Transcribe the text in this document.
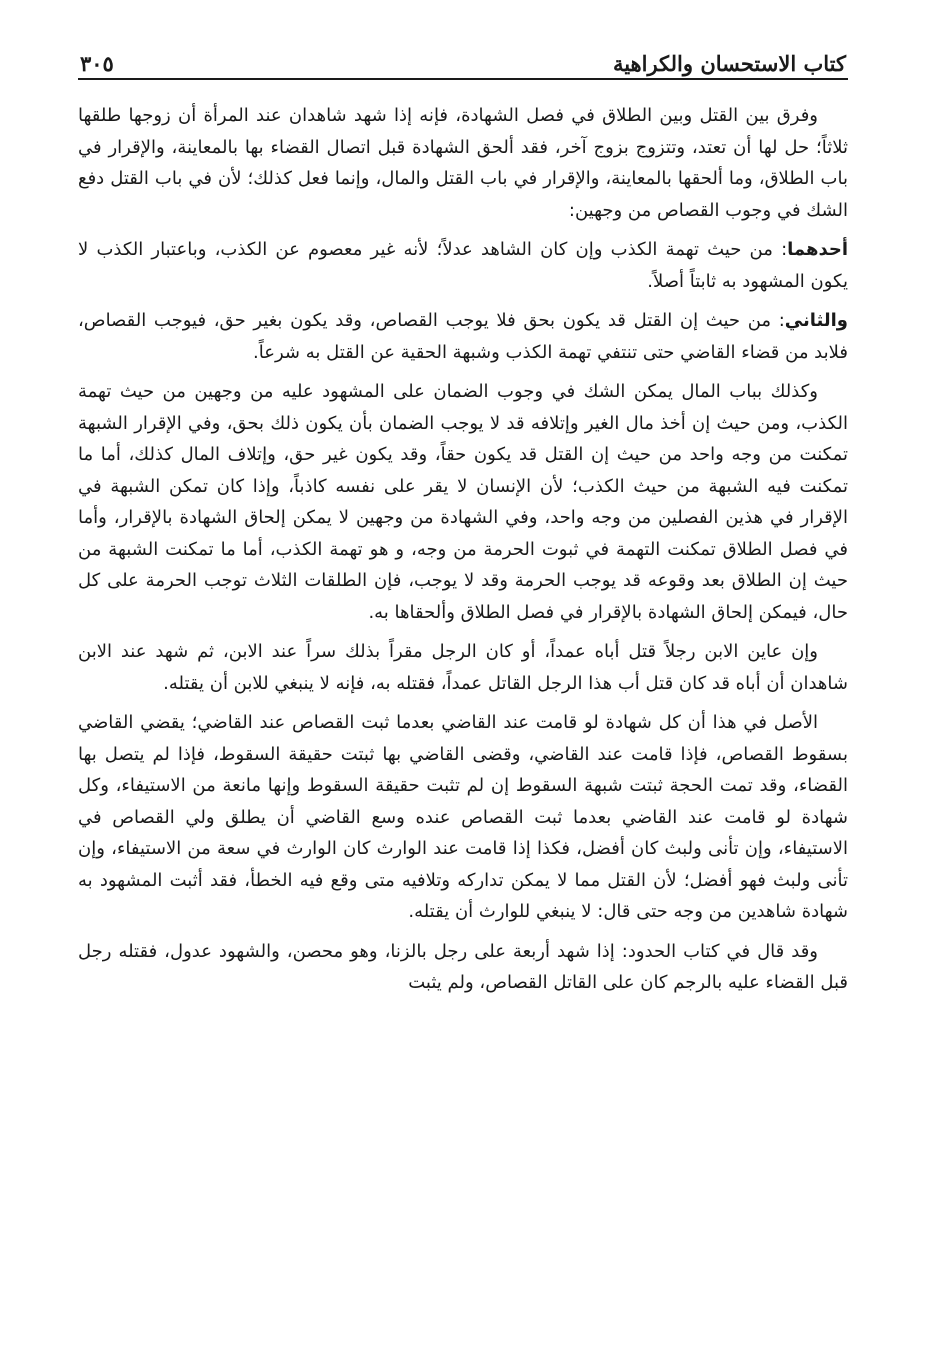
كتاب الاستحسان والكراهية
٣٠٥

وفرق بين القتل وبين الطلاق في فصل الشهادة، فإنه إذا شهد شاهدان عند المرأة أن زوجها طلقها ثلاثاً؛ حل لها أن تعتد، وتتزوج بزوج آخر، فقد ألحق الشهادة قبل اتصال القضاء بها بالمعاينة، والإقرار في باب الطلاق، وما ألحقها بالمعاينة، والإقرار في باب القتل والمال، وإنما فعل كذلك؛ لأن في باب القتل دفع الشك في وجوب القصاص من وجهين:

أحدهما: من حيث تهمة الكذب وإن كان الشاهد عدلاً؛ لأنه غير معصوم عن الكذب، وباعتبار الكذب لا يكون المشهود به ثابتاً أصلاً.

والثاني: من حيث إن القتل قد يكون بحق فلا يوجب القصاص، وقد يكون بغير حق، فيوجب القصاص، فلابد من قضاء القاضي حتى تنتفي تهمة الكذب وشبهة الحقية عن القتل به شرعاً.

وكذلك بباب المال يمكن الشك في وجوب الضمان على المشهود عليه من وجهين من حيث تهمة الكذب، ومن حيث إن أخذ مال الغير وإتلافه قد لا يوجب الضمان بأن يكون ذلك بحق، وفي الإقرار الشبهة تمكنت من وجه واحد من حيث إن القتل قد يكون حقاً، وقد يكون غير حق، وإتلاف المال كذلك، أما ما تمكنت فيه الشبهة من حيث الكذب؛ لأن الإنسان لا يقر على نفسه كاذباً، وإذا كان تمكن الشبهة في الإقرار في هذين الفصلين من وجه واحد، وفي الشهادة من وجهين لا يمكن إلحاق الشهادة بالإقرار، وأما في فصل الطلاق تمكنت التهمة في ثبوت الحرمة من وجه، و هو تهمة الكذب، أما ما تمكنت الشبهة من حيث إن الطلاق بعد وقوعه قد يوجب الحرمة وقد لا يوجب، فإن الطلقات الثلاث توجب الحرمة على كل حال، فيمكن إلحاق الشهادة بالإقرار في فصل الطلاق وألحقاها به.

وإن عاين الابن رجلاً قتل أباه عمداً، أو كان الرجل مقراً بذلك سراً عند الابن، ثم شهد عند الابن شاهدان أن أباه قد كان قتل أب هذا الرجل القاتل عمداً، فقتله به، فإنه لا ينبغي للابن أن يقتله.

الأصل في هذا أن كل شهادة لو قامت عند القاضي بعدما ثبت القصاص عند القاضي؛ يقضي القاضي بسقوط القصاص، فإذا قامت عند القاضي، وقضى القاضي بها ثبتت حقيقة السقوط، فإذا لم يتصل بها القضاء، وقد تمت الحجة ثبتت شبهة السقوط إن لم تثبت حقيقة السقوط وإنها مانعة من الاستيفاء، وكل شهادة لو قامت عند القاضي بعدما ثبت القصاص عنده وسع القاضي أن يطلق ولي القصاص في الاستيفاء، وإن تأنى ولبث كان أفضل، فكذا إذا قامت عند الوارث كان الوارث في سعة من الاستيفاء، وإن تأنى ولبث فهو أفضل؛ لأن القتل مما لا يمكن تداركه وتلافيه متى وقع فيه الخطأ، فقد أثبت المشهود به شهادة شاهدين من وجه حتى قال: لا ينبغي للوارث أن يقتله.

وقد قال في كتاب الحدود: إذا شهد أربعة على رجل بالزنا، وهو محصن، والشهود عدول، فقتله رجل قبل القضاء عليه بالرجم كان على القاتل القصاص، ولم يثبت
